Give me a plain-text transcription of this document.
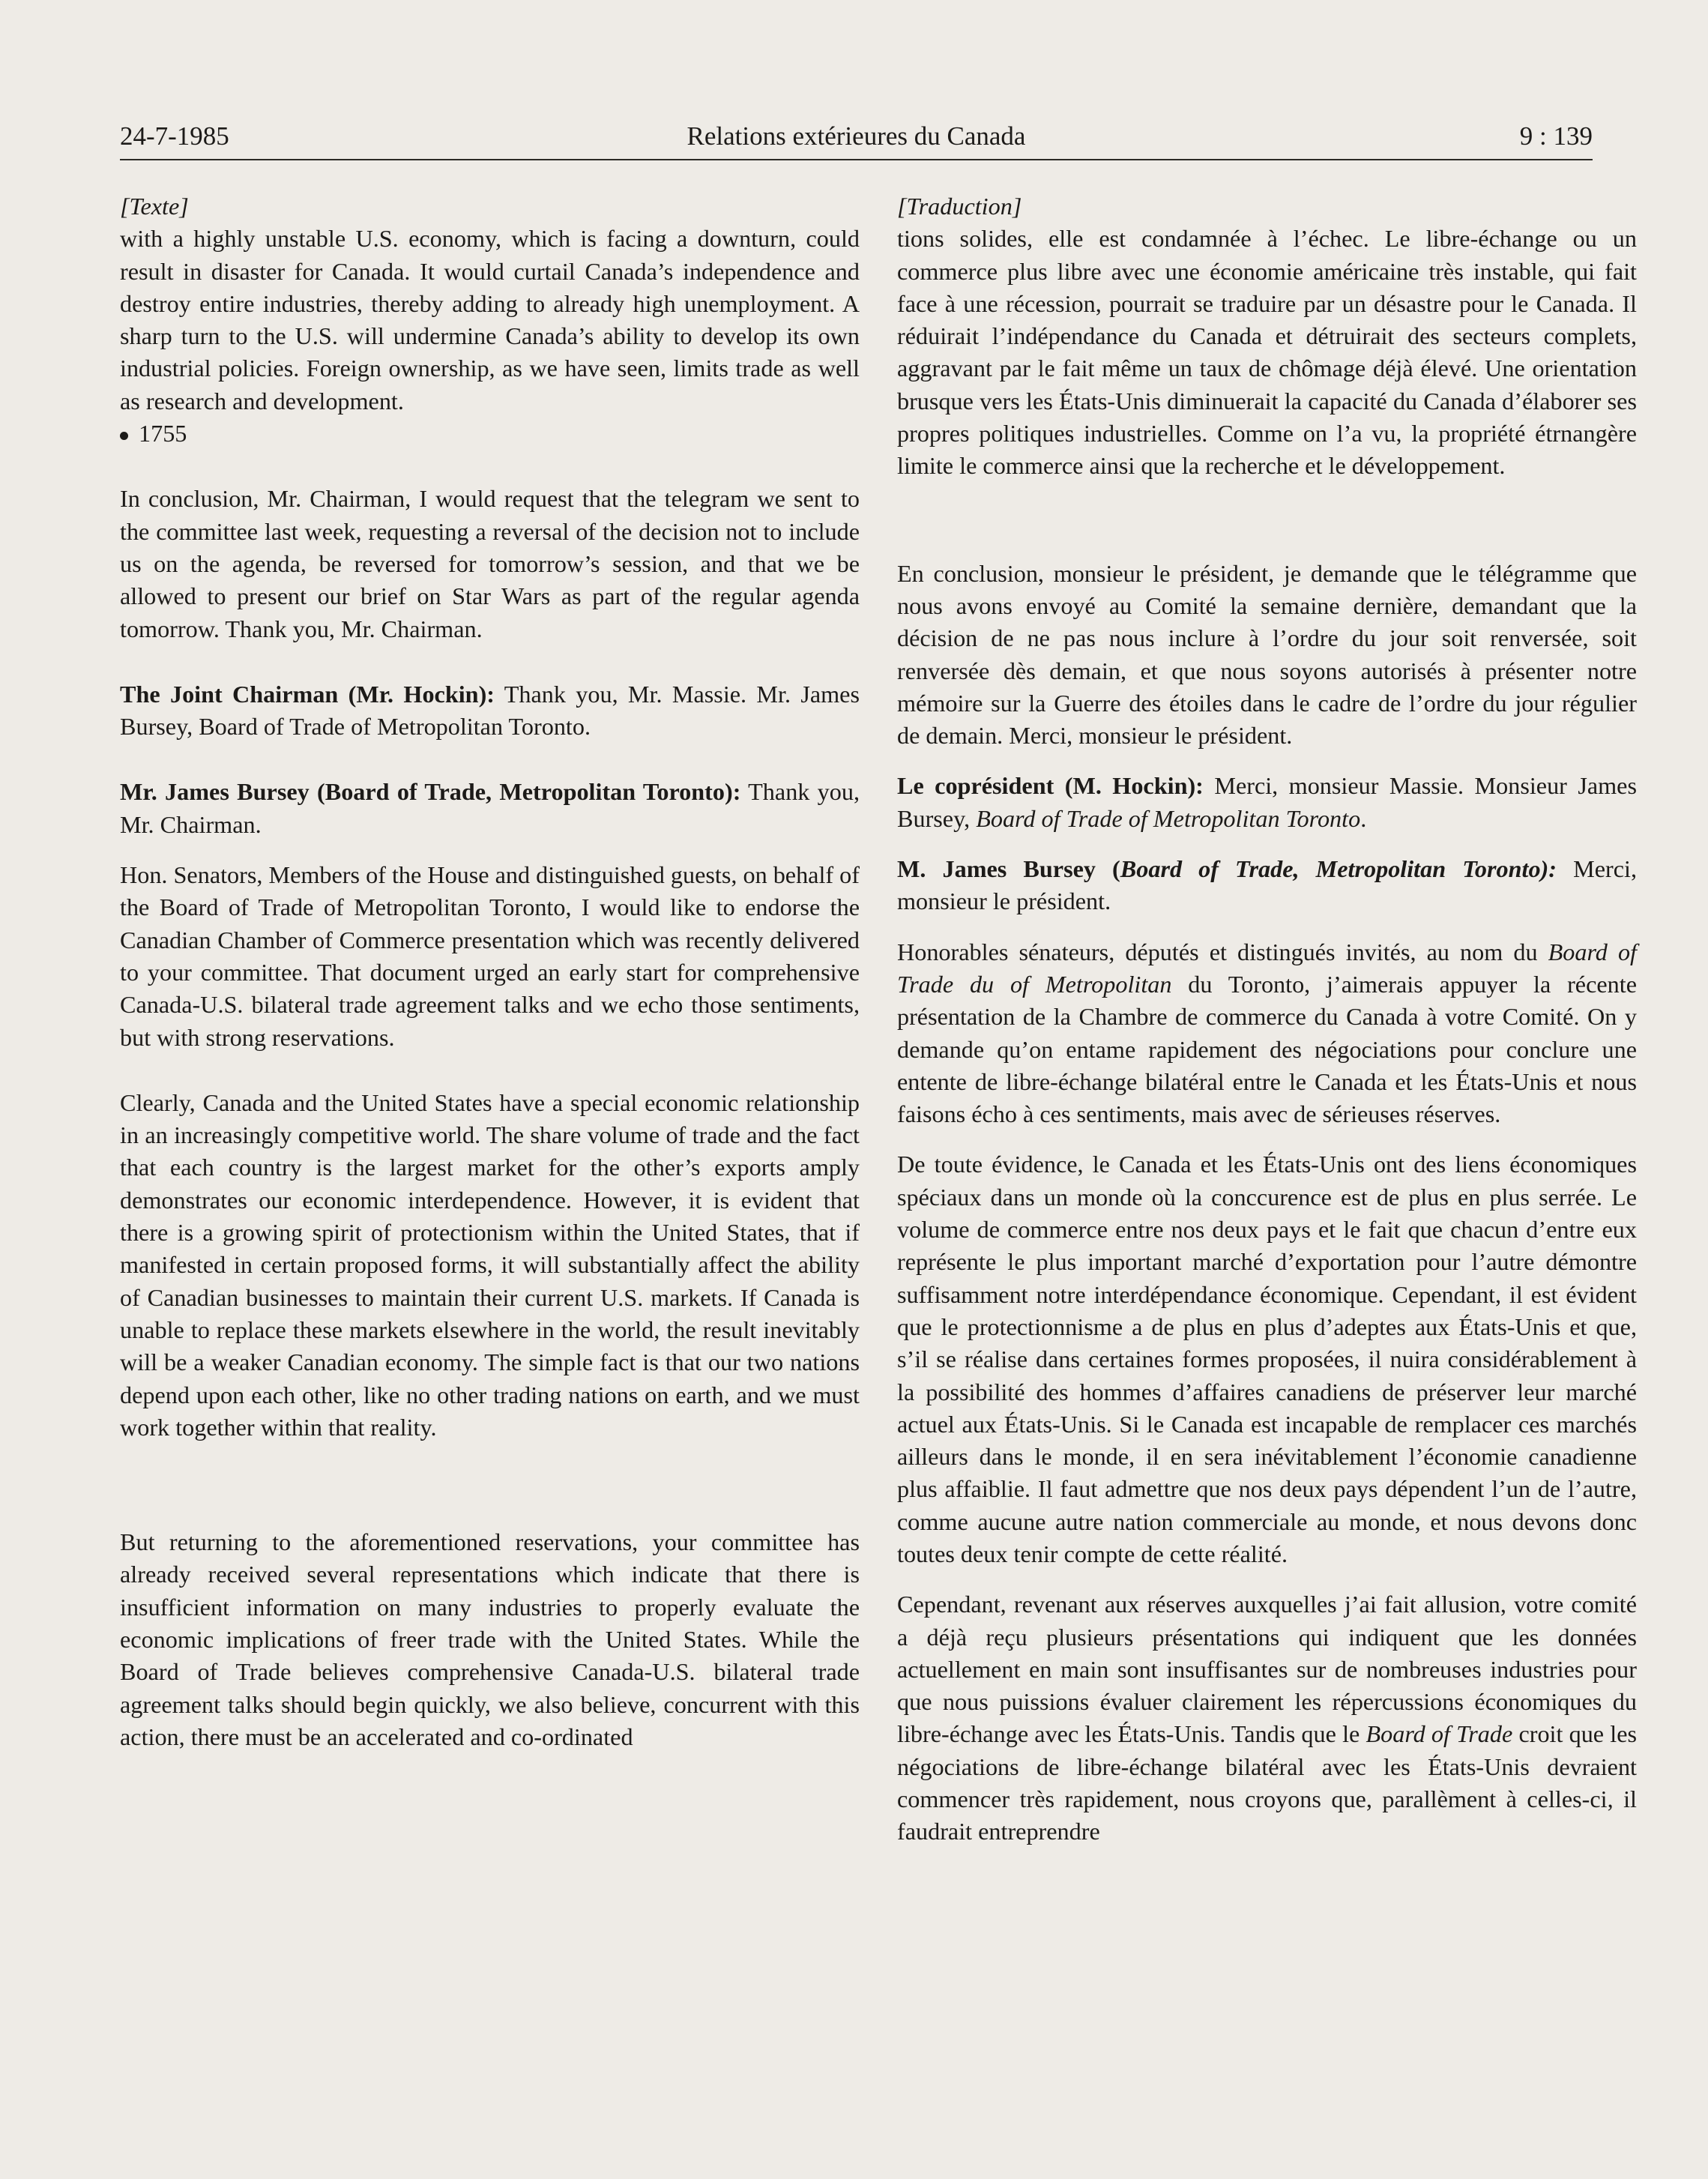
24-7-1985	Relations extérieures du Canada	9 : 139

[Texte]

with a highly unstable U.S. economy, which is facing a downturn, could result in disaster for Canada. It would curtail Canada’s independence and destroy entire industries, thereby adding to already high unemployment. A sharp turn to the U.S. will undermine Canada’s ability to develop its own industrial policies. Foreign ownership, as we have seen, limits trade as well as research and development.

1755

In conclusion, Mr. Chairman, I would request that the telegram we sent to the committee last week, requesting a reversal of the decision not to include us on the agenda, be reversed for tomorrow’s session, and that we be allowed to present our brief on Star Wars as part of the regular agenda tomorrow. Thank you, Mr. Chairman.

The Joint Chairman (Mr. Hockin): Thank you, Mr. Massie. Mr. James Bursey, Board of Trade of Metropolitan Toronto.

Mr. James Bursey (Board of Trade, Metropolitan Toronto): Thank you, Mr. Chairman.

Hon. Senators, Members of the House and distinguished guests, on behalf of the Board of Trade of Metropolitan Toronto, I would like to endorse the Canadian Chamber of Commerce presentation which was recently delivered to your committee. That document urged an early start for comprehensive Canada-U.S. bilateral trade agreement talks and we echo those sentiments, but with strong reservations.

Clearly, Canada and the United States have a special economic relationship in an increasingly competitive world. The share volume of trade and the fact that each country is the largest market for the other’s exports amply demonstrates our economic interdependence. However, it is evident that there is a growing spirit of protectionism within the United States, that if manifested in certain proposed forms, it will substantially affect the ability of Canadian businesses to maintain their current U.S. markets. If Canada is unable to replace these markets elsewhere in the world, the result inevitably will be a weaker Canadian economy. The simple fact is that our two nations depend upon each other, like no other trading nations on earth, and we must work together within that reality.

But returning to the aforementioned reservations, your committee has already received several representations which indicate that there is insufficient information on many industries to properly evaluate the economic implications of freer trade with the United States. While the Board of Trade believes comprehensive Canada-U.S. bilateral trade agreement talks should begin quickly, we also believe, concurrent with this action, there must be an accelerated and co-ordinated

[Traduction]

tions solides, elle est condamnée à l’échec. Le libre-échange ou un commerce plus libre avec une économie américaine très instable, qui fait face à une récession, pourrait se traduire par un désastre pour le Canada. Il réduirait l’indépendance du Canada et détruirait des secteurs complets, aggravant par le fait même un taux de chômage déjà élevé. Une orientation brusque vers les États-Unis diminuerait la capacité du Canada d’élaborer ses propres politiques industrielles. Comme on l’a vu, la propriété étrnangère limite le commerce ainsi que la recherche et le développement.

En conclusion, monsieur le président, je demande que le télégramme que nous avons envoyé au Comité la semaine dernière, demandant que la décision de ne pas nous inclure à l’ordre du jour soit renversée, soit renversée dès demain, et que nous soyons autorisés à présenter notre mémoire sur la Guerre des étoiles dans le cadre de l’ordre du jour régulier de demain. Merci, monsieur le président.

Le coprésident (M. Hockin): Merci, monsieur Massie. Monsieur James Bursey, Board of Trade of Metropolitan Toronto.

M. James Bursey (Board of Trade, Metropolitan Toronto): Merci, monsieur le président.

Honorables sénateurs, députés et distingués invités, au nom du Board of Trade du of Metropolitan du Toronto, j’aimerais appuyer la récente présentation de la Chambre de commerce du Canada à votre Comité. On y demande qu’on entame rapidement des négociations pour conclure une entente de libre-échange bilatéral entre le Canada et les États-Unis et nous faisons écho à ces sentiments, mais avec de sérieuses réserves.

De toute évidence, le Canada et les États-Unis ont des liens économiques spéciaux dans un monde où la conccurence est de plus en plus serrée. Le volume de commerce entre nos deux pays et le fait que chacun d’entre eux représente le plus important marché d’exportation pour l’autre démontre suffisamment notre interdépendance économique. Cependant, il est évident que le protectionnisme a de plus en plus d’adeptes aux États-Unis et que, s’il se réalise dans certaines formes proposées, il nuira considérablement à la possibilité des hommes d’affaires canadiens de préserver leur marché actuel aux États-Unis. Si le Canada est incapable de remplacer ces marchés ailleurs dans le monde, il en sera inévitablement l’économie canadienne plus affaiblie. Il faut admettre que nos deux pays dépendent l’un de l’autre, comme aucune autre nation commerciale au monde, et nous devons donc toutes deux tenir compte de cette réalité.

Cependant, revenant aux réserves auxquelles j’ai fait allusion, votre comité a déjà reçu plusieurs présentations qui indiquent que les données actuellement en main sont insuffisantes sur de nombreuses industries pour que nous puissions évaluer clairement les répercussions économiques du libre-échange avec les États-Unis. Tandis que le Board of Trade croit que les négociations de libre-échange bilatéral avec les États-Unis devraient commencer très rapidement, nous croyons que, parallèment à celles-ci, il faudrait entreprendre
